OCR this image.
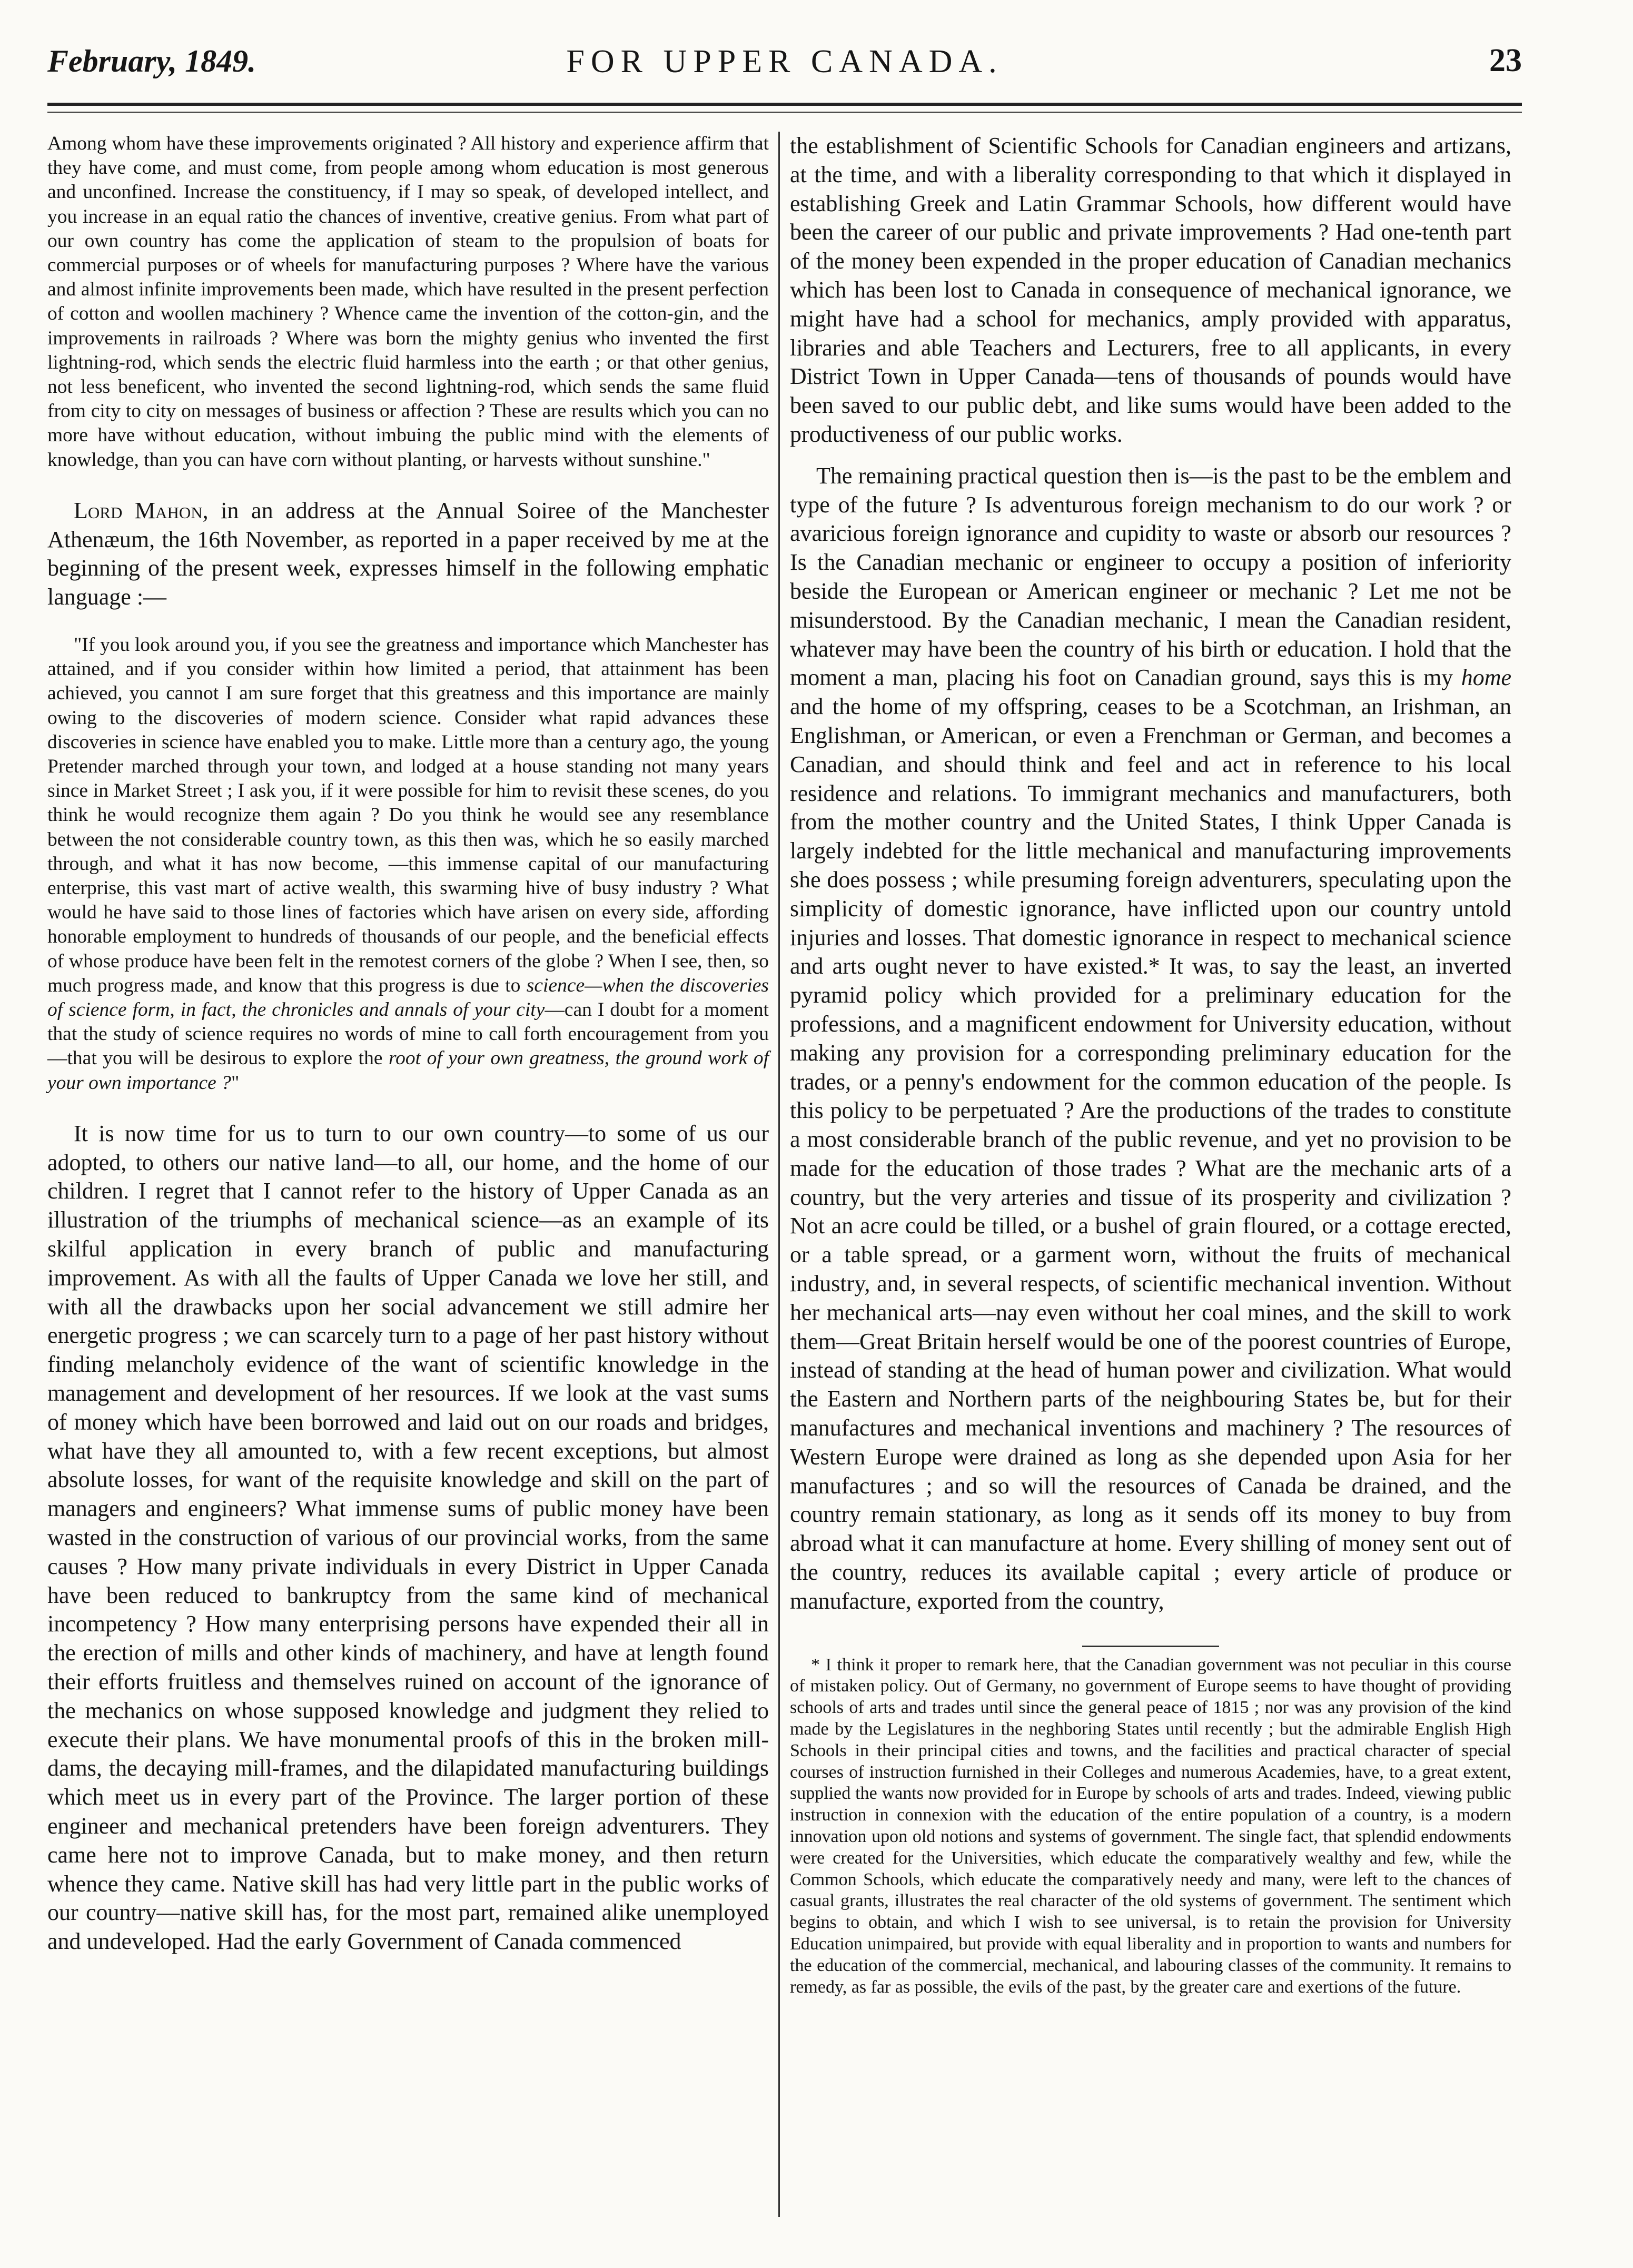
February, 1849.	FOR UPPER CANADA.	23

Among whom have these improvements originated ? All history and experience affirm that they have come, and must come, from people among whom education is most generous and unconfined. Increase the constituency, if I may so speak, of developed intellect, and you increase in an equal ratio the chances of inventive, creative genius. From what part of our own country has come the application of steam to the propulsion of boats for commercial purposes or of wheels for manufacturing purposes ? Where have the various and almost infinite improvements been made, which have resulted in the present perfection of cotton and woollen machinery ? Whence came the invention of the cotton-gin, and the improvements in railroads ? Where was born the mighty genius who invented the first lightning-rod, which sends the electric fluid harmless into the earth ; or that other genius, not less beneficent, who invented the second lightning-rod, which sends the same fluid from city to city on messages of business or affection ? These are results which you can no more have without education, without imbuing the public mind with the elements of knowledge, than you can have corn without planting, or harvests without sunshine."

Lord Mahon, in an address at the Annual Soiree of the Manchester Athenæum, the 16th November, as reported in a paper received by me at the beginning of the present week, expresses himself in the following emphatic language :—

"If you look around you, if you see the greatness and importance which Manchester has attained, and if you consider within how limited a period, that attainment has been achieved, you cannot I am sure forget that this greatness and this importance are mainly owing to the discoveries of modern science. Consider what rapid advances these discoveries in science have enabled you to make. Little more than a century ago, the young Pretender marched through your town, and lodged at a house standing not many years since in Market Street ; I ask you, if it were possible for him to revisit these scenes, do you think he would recognize them again ? Do you think he would see any resemblance between the not considerable country town, as this then was, which he so easily marched through, and what it has now become, —this immense capital of our manufacturing enterprise, this vast mart of active wealth, this swarming hive of busy industry ? What would he have said to those lines of factories which have arisen on every side, affording honorable employment to hundreds of thousands of our people, and the beneficial effects of whose produce have been felt in the remotest corners of the globe ? When I see, then, so much progress made, and know that this progress is due to science—when the discoveries of science form, in fact, the chronicles and annals of your city—can I doubt for a moment that the study of science requires no words of mine to call forth encouragement from you—that you will be desirous to explore the root of your own greatness, the ground work of your own importance ?"

It is now time for us to turn to our own country—to some of us our adopted, to others our native land—to all, our home, and the home of our children. I regret that I cannot refer to the history of Upper Canada as an illustration of the triumphs of mechanical science—as an example of its skilful application in every branch of public and manufacturing improvement. As with all the faults of Upper Canada we love her still, and with all the drawbacks upon her social advancement we still admire her energetic progress ; we can scarcely turn to a page of her past history without finding melancholy evidence of the want of scientific knowledge in the management and development of her resources. If we look at the vast sums of money which have been borrowed and laid out on our roads and bridges, what have they all amounted to, with a few recent exceptions, but almost absolute losses, for want of the requisite knowledge and skill on the part of managers and engineers? What immense sums of public money have been wasted in the construction of various of our provincial works, from the same causes ? How many private individuals in every District in Upper Canada have been reduced to bankruptcy from the same kind of mechanical incompetency ? How many enterprising persons have expended their all in the erection of mills and other kinds of machinery, and have at length found their efforts fruitless and themselves ruined on account of the ignorance of the mechanics on whose supposed knowledge and judgment they relied to execute their plans. We have monumental proofs of this in the broken mill-dams, the decaying mill-frames, and the dilapidated manufacturing buildings which meet us in every part of the Province. The larger portion of these engineer and mechanical pretenders have been foreign adventurers. They came here not to improve Canada, but to make money, and then return whence they came. Native skill has had very little part in the public works of our country—native skill has, for the most part, remained alike unemployed and undeveloped. Had the early Government of Canada commenced

the establishment of Scientific Schools for Canadian engineers and artizans, at the time, and with a liberality corresponding to that which it displayed in establishing Greek and Latin Grammar Schools, how different would have been the career of our public and private improvements ? Had one-tenth part of the money been expended in the proper education of Canadian mechanics which has been lost to Canada in consequence of mechanical ignorance, we might have had a school for mechanics, amply provided with apparatus, libraries and able Teachers and Lecturers, free to all applicants, in every District Town in Upper Canada—tens of thousands of pounds would have been saved to our public debt, and like sums would have been added to the productiveness of our public works.

The remaining practical question then is—is the past to be the emblem and type of the future ? Is adventurous foreign mechanism to do our work ? or avaricious foreign ignorance and cupidity to waste or absorb our resources ? Is the Canadian mechanic or engineer to occupy a position of inferiority beside the European or American engineer or mechanic ? Let me not be misunderstood. By the Canadian mechanic, I mean the Canadian resident, whatever may have been the country of his birth or education. I hold that the moment a man, placing his foot on Canadian ground, says this is my home and the home of my offspring, ceases to be a Scotchman, an Irishman, an Englishman, or American, or even a Frenchman or German, and becomes a Canadian, and should think and feel and act in reference to his local residence and relations. To immigrant mechanics and manufacturers, both from the mother country and the United States, I think Upper Canada is largely indebted for the little mechanical and manufacturing improvements she does possess ; while presuming foreign adventurers, speculating upon the simplicity of domestic ignorance, have inflicted upon our country untold injuries and losses. That domestic ignorance in respect to mechanical science and arts ought never to have existed.* It was, to say the least, an inverted pyramid policy which provided for a preliminary education for the professions, and a magnificent endowment for University education, without making any provision for a corresponding preliminary education for the trades, or a penny's endowment for the common education of the people. Is this policy to be perpetuated ? Are the productions of the trades to constitute a most considerable branch of the public revenue, and yet no provision to be made for the education of those trades ? What are the mechanic arts of a country, but the very arteries and tissue of its prosperity and civilization ? Not an acre could be tilled, or a bushel of grain floured, or a cottage erected, or a table spread, or a garment worn, without the fruits of mechanical industry, and, in several respects, of scientific mechanical invention. Without her mechanical arts—nay even without her coal mines, and the skill to work them—Great Britain herself would be one of the poorest countries of Europe, instead of standing at the head of human power and civilization. What would the Eastern and Northern parts of the neighbouring States be, but for their manufactures and mechanical inventions and machinery ? The resources of Western Europe were drained as long as she depended upon Asia for her manufactures ; and so will the resources of Canada be drained, and the country remain stationary, as long as it sends off its money to buy from abroad what it can manufacture at home. Every shilling of money sent out of the country, reduces its available capital ; every article of produce or manufacture, exported from the country,

* I think it proper to remark here, that the Canadian government was not peculiar in this course of mistaken policy. Out of Germany, no government of Europe seems to have thought of providing schools of arts and trades until since the general peace of 1815 ; nor was any provision of the kind made by the Legislatures in the neghboring States until recently ; but the admirable English High Schools in their principal cities and towns, and the facilities and practical character of special courses of instruction furnished in their Colleges and numerous Academies, have, to a great extent, supplied the wants now provided for in Europe by schools of arts and trades. Indeed, viewing public instruction in connexion with the education of the entire population of a country, is a modern innovation upon old notions and systems of government. The single fact, that splendid endowments were created for the Universities, which educate the comparatively wealthy and few, while the Common Schools, which educate the comparatively needy and many, were left to the chances of casual grants, illustrates the real character of the old systems of government. The sentiment which begins to obtain, and which I wish to see universal, is to retain the provision for University Education unimpaired, but provide with equal liberality and in proportion to wants and numbers for the education of the commercial, mechanical, and labouring classes of the community. It remains to remedy, as far as possible, the evils of the past, by the greater care and exertions of the future.
